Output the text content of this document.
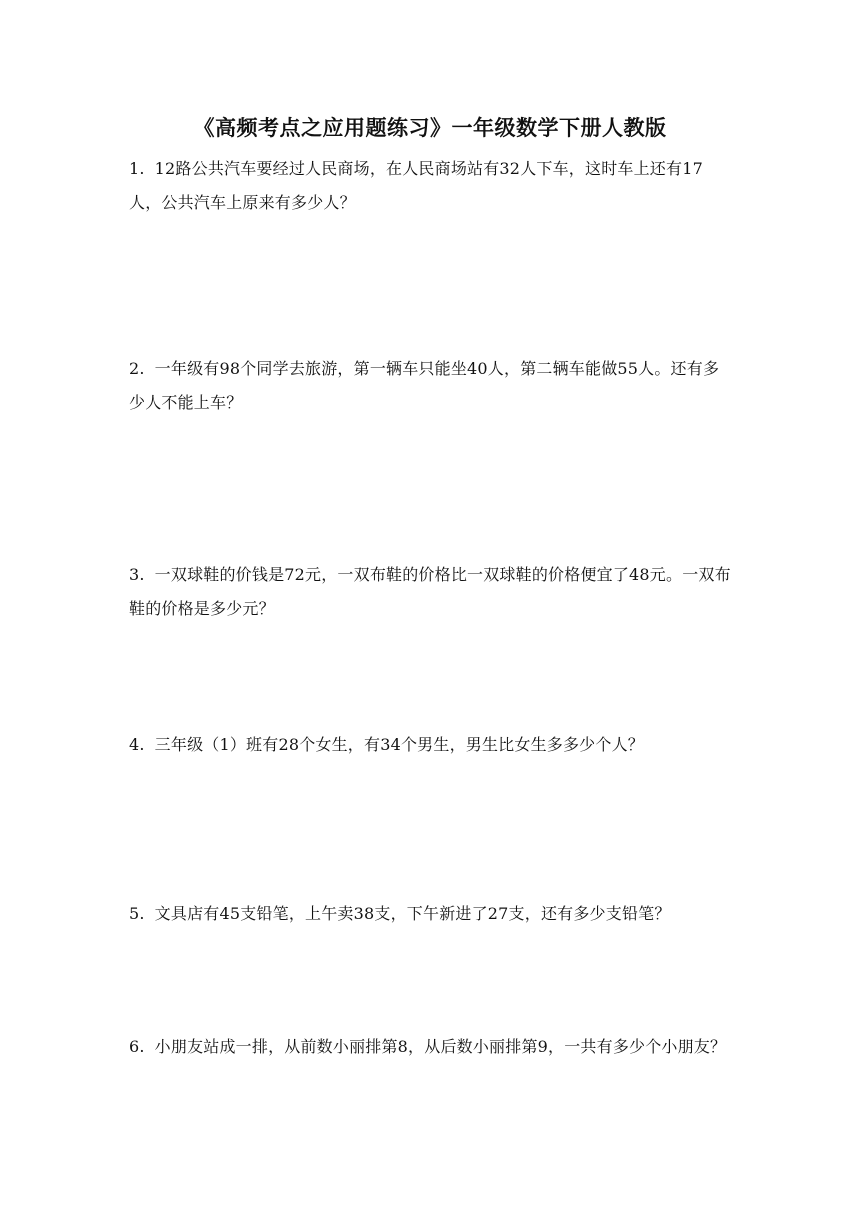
《高频考点之应用题练习》一年级数学下册人教版
1. 12路公共汽车要经过人民商场，在人民商场站有32人下车，这时车上还有17人，公共汽车上原来有多少人？
2. 一年级有98个同学去旅游，第一辆车只能坐40人，第二辆车能做55人。还有多少人不能上车？
3. 一双球鞋的价钱是72元，一双布鞋的价格比一双球鞋的价格便宜了48元。一双布鞋的价格是多少元？
4. 三年级（1）班有28个女生，有34个男生，男生比女生多多少个人？
5. 文具店有45支铅笔，上午卖38支，下午新进了27支，还有多少支铅笔？
6. 小朋友站成一排，从前数小丽排第8，从后数小丽排第9，一共有多少个小朋友？
